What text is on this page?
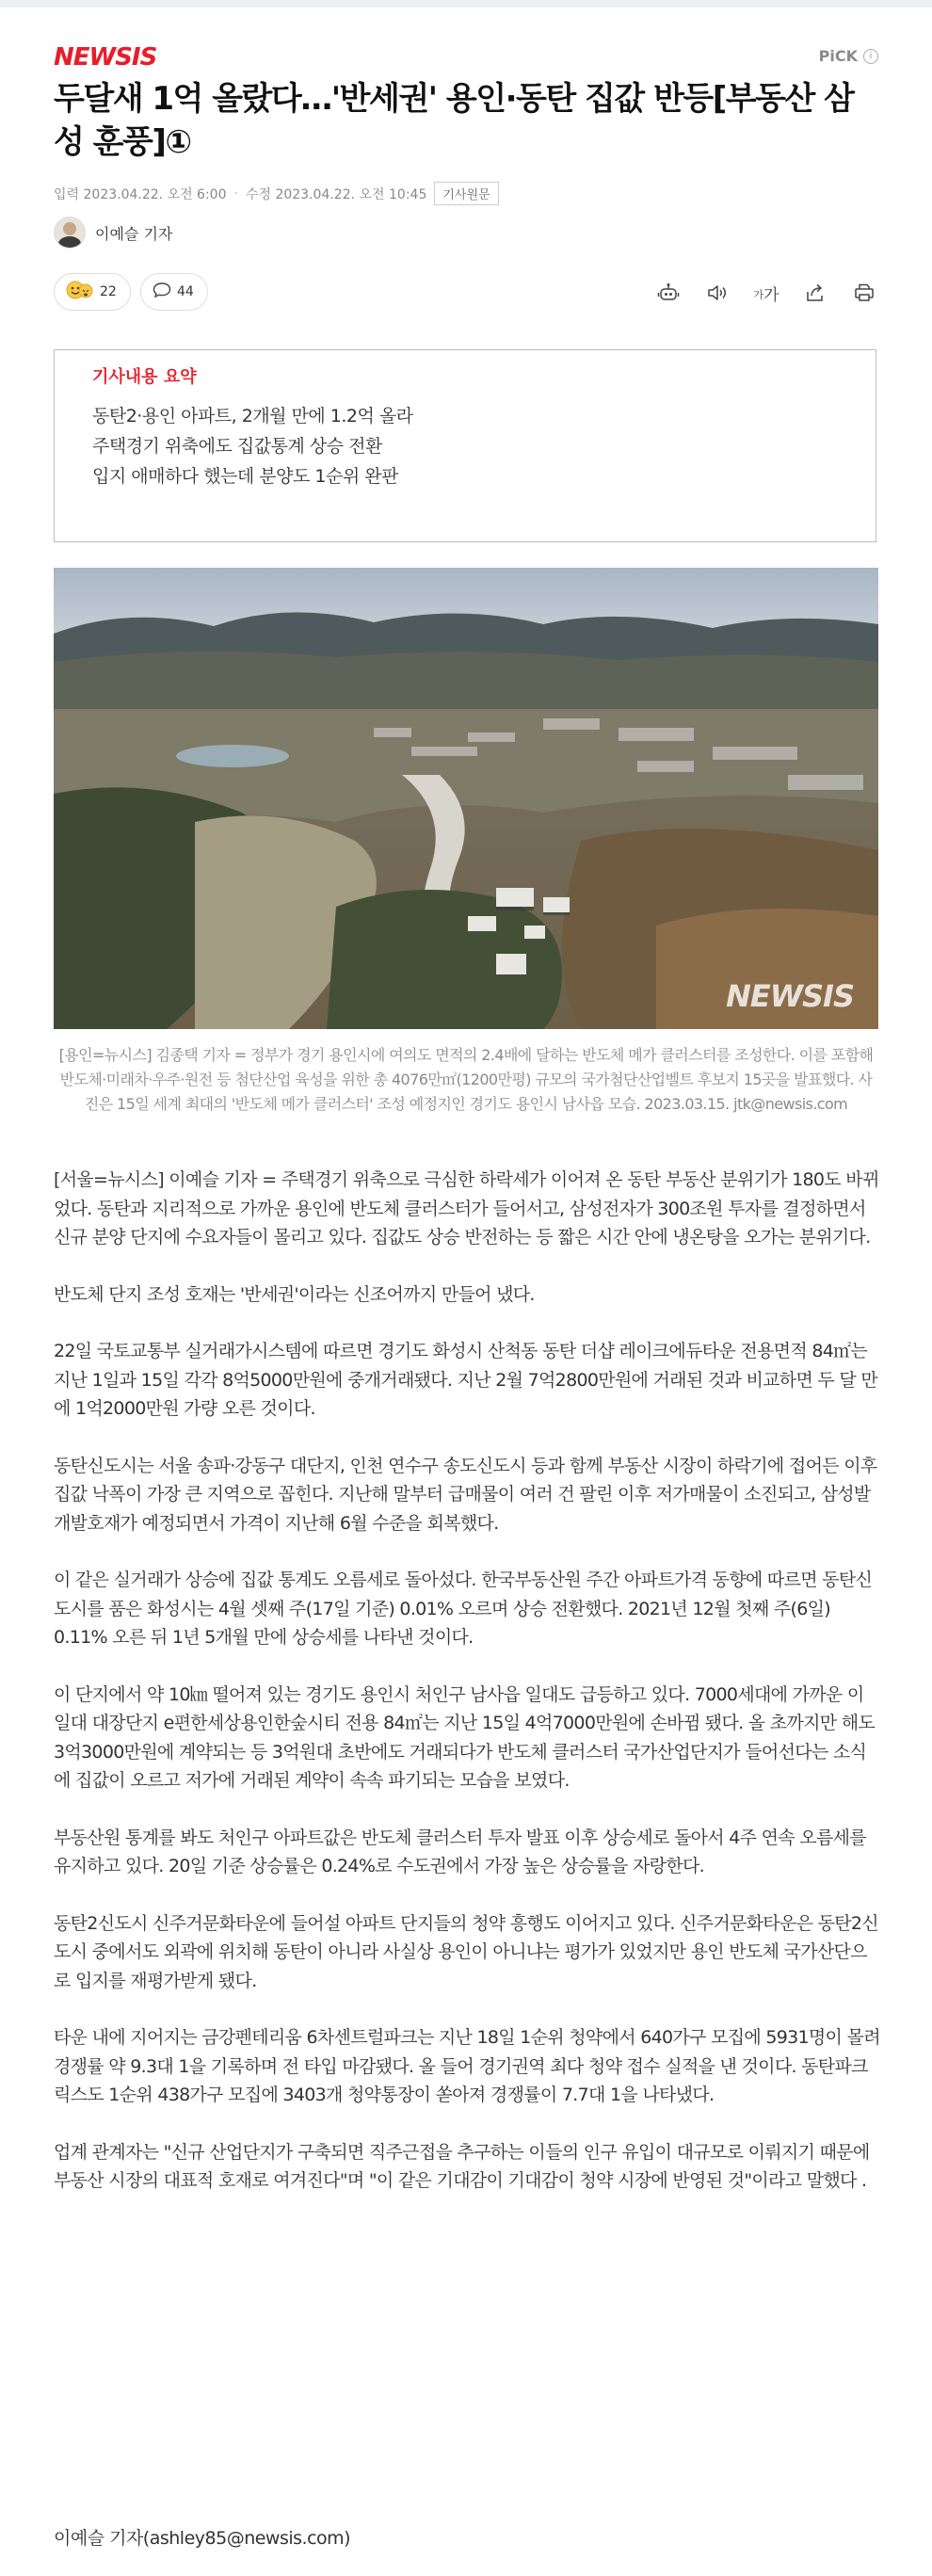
NEWSIS	PiCK	i
두달새 1억 올랐다…'반세권' 용인·동탄 집값 반등[부동산 삼성 훈풍]①
입력 2023.04.22. 오전 6:00 · 수정 2023.04.22. 오전 10:45	기사원문
이예슬 기자
22	44	가 가
기사내용 요약
동탄2·용인 아파트, 2개월 만에 1.2억 올라
주택경기 위축에도 집값통계 상승 전환
입지 애매하다 했는데 분양도 1순위 완판
NEWSIS
[용인=뉴시스] 김종택 기자 = 정부가 경기 용인시에 여의도 면적의 2.4배에 달하는 반도체 메가 클러스터를 조성한다. 이를 포함해 반도체·미래차·우주·원전 등 첨단산업 육성을 위한 총 4076만㎡(1200만평) 규모의 국가첨단산업벨트 후보지 15곳을 발표했다. 사진은 15일 세계 최대의 '반도체 메가 클러스터' 조성 예정지인 경기도 용인시 남사읍 모습. 2023.03.15. jtk@newsis.com

[서울=뉴시스] 이예슬 기자 = 주택경기 위축으로 극심한 하락세가 이어져 온 동탄 부동산 분위기가 180도 바뀌었다. 동탄과 지리적으로 가까운 용인에 반도체 클러스터가 들어서고, 삼성전자가 300조원 투자를 결정하면서 신규 분양 단지에 수요자들이 몰리고 있다. 집값도 상승 반전하는 등 짧은 시간 안에 냉온탕을 오가는 분위기다.

반도체 단지 조성 호재는 '반세권'이라는 신조어까지 만들어 냈다.

22일 국토교통부 실거래가시스템에 따르면 경기도 화성시 산척동 동탄 더샵 레이크에듀타운 전용면적 84㎡는 지난 1일과 15일 각각 8억5000만원에 중개거래됐다. 지난 2월 7억2800만원에 거래된 것과 비교하면 두 달 만에 1억2000만원 가량 오른 것이다.

동탄신도시는 서울 송파·강동구 대단지, 인천 연수구 송도신도시 등과 함께 부동산 시장이 하락기에 접어든 이후 집값 낙폭이 가장 큰 지역으로 꼽힌다. 지난해 말부터 급매물이 여러 건 팔린 이후 저가매물이 소진되고, 삼성발 개발호재가 예정되면서 가격이 지난해 6월 수준을 회복했다.

이 같은 실거래가 상승에 집값 통계도 오름세로 돌아섰다. 한국부동산원 주간 아파트가격 동향에 따르면 동탄신도시를 품은 화성시는 4월 셋째 주(17일 기준) 0.01% 오르며 상승 전환했다. 2021년 12월 첫째 주(6일) 0.11% 오른 뒤 1년 5개월 만에 상승세를 나타낸 것이다.

이 단지에서 약 10㎞ 떨어져 있는 경기도 용인시 처인구 남사읍 일대도 급등하고 있다. 7000세대에 가까운 이 일대 대장단지 e편한세상용인한숲시티 전용 84㎡는 지난 15일 4억7000만원에 손바뀜 됐다. 올 초까지만 해도 3억3000만원에 계약되는 등 3억원대 초반에도 거래되다가 반도체 클러스터 국가산업단지가 들어선다는 소식에 집값이 오르고 저가에 거래된 계약이 속속 파기되는 모습을 보였다.

부동산원 통계를 봐도 처인구 아파트값은 반도체 클러스터 투자 발표 이후 상승세로 돌아서 4주 연속 오름세를 유지하고 있다. 20일 기준 상승률은 0.24%로 수도권에서 가장 높은 상승률을 자랑한다.

동탄2신도시 신주거문화타운에 들어설 아파트 단지들의 청약 흥행도 이어지고 있다. 신주거문화타운은 동탄2신도시 중에서도 외곽에 위치해 동탄이 아니라 사실상 용인이 아니냐는 평가가 있었지만 용인 반도체 국가산단으로 입지를 재평가받게 됐다.

타운 내에 지어지는 금강펜테리움 6차센트럴파크는 지난 18일 1순위 청약에서 640가구 모집에 5931명이 몰려 경쟁률 약 9.3대 1을 기록하며 전 타입 마감됐다. 올 들어 경기권역 최다 청약 접수 실적을 낸 것이다. 동탄파크릭스도 1순위 438가구 모집에 3403개 청약통장이 쏟아져 경쟁률이 7.7대 1을 나타냈다.

업계 관계자는 "신규 산업단지가 구축되면 직주근접을 추구하는 이들의 인구 유입이 대규모로 이뤄지기 때문에 부동산 시장의 대표적 호재로 여겨진다"며 "이 같은 기대감이 기대감이 청약 시장에 반영된 것"이라고 말했다 .

이예슬 기자(ashley85@newsis.com)
